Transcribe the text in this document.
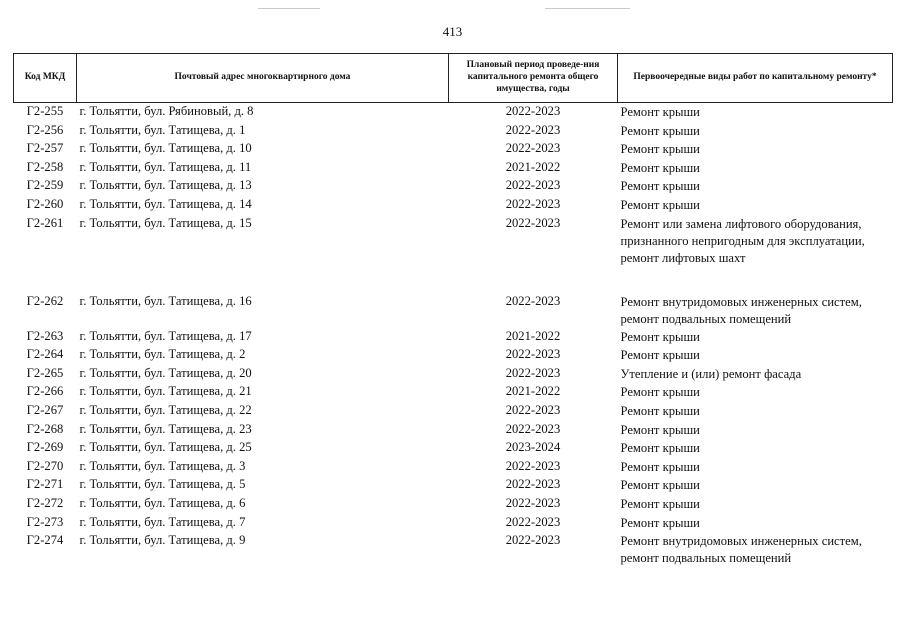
413
Код МКД	Почтовый адрес многоквартирного дома	Плановый период проведе-ния капитального ремонта общего имущества, годы	Первоочередные виды работ по капитальному ремонту*
Г2-255	г. Тольятти, бул. Рябиновый, д. 8	2022-2023	Ремонт крыши
Г2-256	г. Тольятти, бул. Татищева, д. 1	2022-2023	Ремонт крыши
Г2-257	г. Тольятти, бул. Татищева, д. 10	2022-2023	Ремонт крыши
Г2-258	г. Тольятти, бул. Татищева, д. 11	2021-2022	Ремонт крыши
Г2-259	г. Тольятти, бул. Татищева, д. 13	2022-2023	Ремонт крыши
Г2-260	г. Тольятти, бул. Татищева, д. 14	2022-2023	Ремонт крыши
Г2-261	г. Тольятти, бул. Татищева, д. 15	2022-2023	Ремонт или замена лифтового оборудования, признанного непригодным для эксплуатации, ремонт лифтовых шахт
Г2-262	г. Тольятти, бул. Татищева, д. 16	2022-2023	Ремонт внутридомовых инженерных систем, ремонт подвальных помещений
Г2-263	г. Тольятти, бул. Татищева, д. 17	2021-2022	Ремонт крыши
Г2-264	г. Тольятти, бул. Татищева, д. 2	2022-2023	Ремонт крыши
Г2-265	г. Тольятти, бул. Татищева, д. 20	2022-2023	Утепление и (или) ремонт фасада
Г2-266	г. Тольятти, бул. Татищева, д. 21	2021-2022	Ремонт крыши
Г2-267	г. Тольятти, бул. Татищева, д. 22	2022-2023	Ремонт крыши
Г2-268	г. Тольятти, бул. Татищева, д. 23	2022-2023	Ремонт крыши
Г2-269	г. Тольятти, бул. Татищева, д. 25	2023-2024	Ремонт крыши
Г2-270	г. Тольятти, бул. Татищева, д. 3	2022-2023	Ремонт крыши
Г2-271	г. Тольятти, бул. Татищева, д. 5	2022-2023	Ремонт крыши
Г2-272	г. Тольятти, бул. Татищева, д. 6	2022-2023	Ремонт крыши
Г2-273	г. Тольятти, бул. Татищева, д. 7	2022-2023	Ремонт крыши
Г2-274	г. Тольятти, бул. Татищева, д. 9	2022-2023	Ремонт внутридомовых инженерных систем, ремонт подвальных помещений
